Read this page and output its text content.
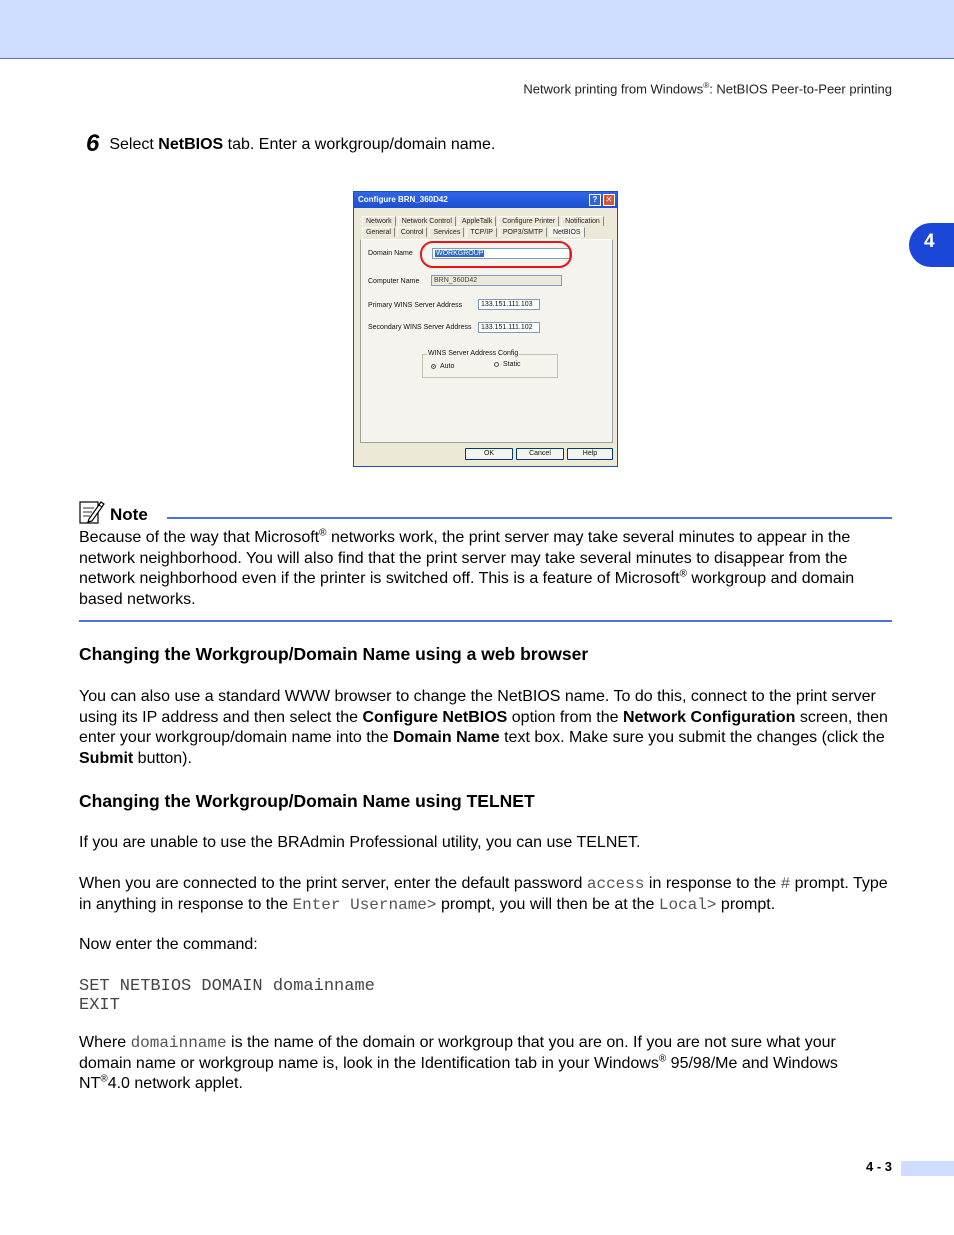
Network printing from Windows®: NetBIOS Peer-to-Peer printing
4
6 Select NetBIOS tab. Enter a workgroup/domain name.
Configure BRN_360D42	?	✕
Network	Network Control	AppleTalk	Configure Printer	Notification
General	Control	Services	TCP/IP	POP3/SMTP	NetBIOS
Domain Name	WORKGROUP
Computer Name	BRN_360D42
Primary WINS Server Address	133.151.111.103
Secondary WINS Server Address	133.151.111.102
WINS Server Address Config
Auto	Static
OK	Cancel	Help
Note
Because of the way that Microsoft® networks work, the print server may take several minutes to appear in the network neighborhood. You will also find that the print server may take several minutes to disappear from the network neighborhood even if the printer is switched off. This is a feature of Microsoft® workgroup and domain based networks.
Changing the Workgroup/Domain Name using a web browser
You can also use a standard WWW browser to change the NetBIOS name. To do this, connect to the print server using its IP address and then select the Configure NetBIOS option from the Network Configuration screen, then enter your workgroup/domain name into the Domain Name text box. Make sure you submit the changes (click the Submit button).
Changing the Workgroup/Domain Name using TELNET
If you are unable to use the BRAdmin Professional utility, you can use TELNET.
When you are connected to the print server, enter the default password access in response to the # prompt. Type in anything in response to the Enter Username> prompt, you will then be at the Local> prompt.
Now enter the command:
SET NETBIOS DOMAIN domainname
EXIT
Where domainname is the name of the domain or workgroup that you are on. If you are not sure what your domain name or workgroup name is, look in the Identification tab in your Windows® 95/98/Me and Windows NT®4.0 network applet.
4 - 3
